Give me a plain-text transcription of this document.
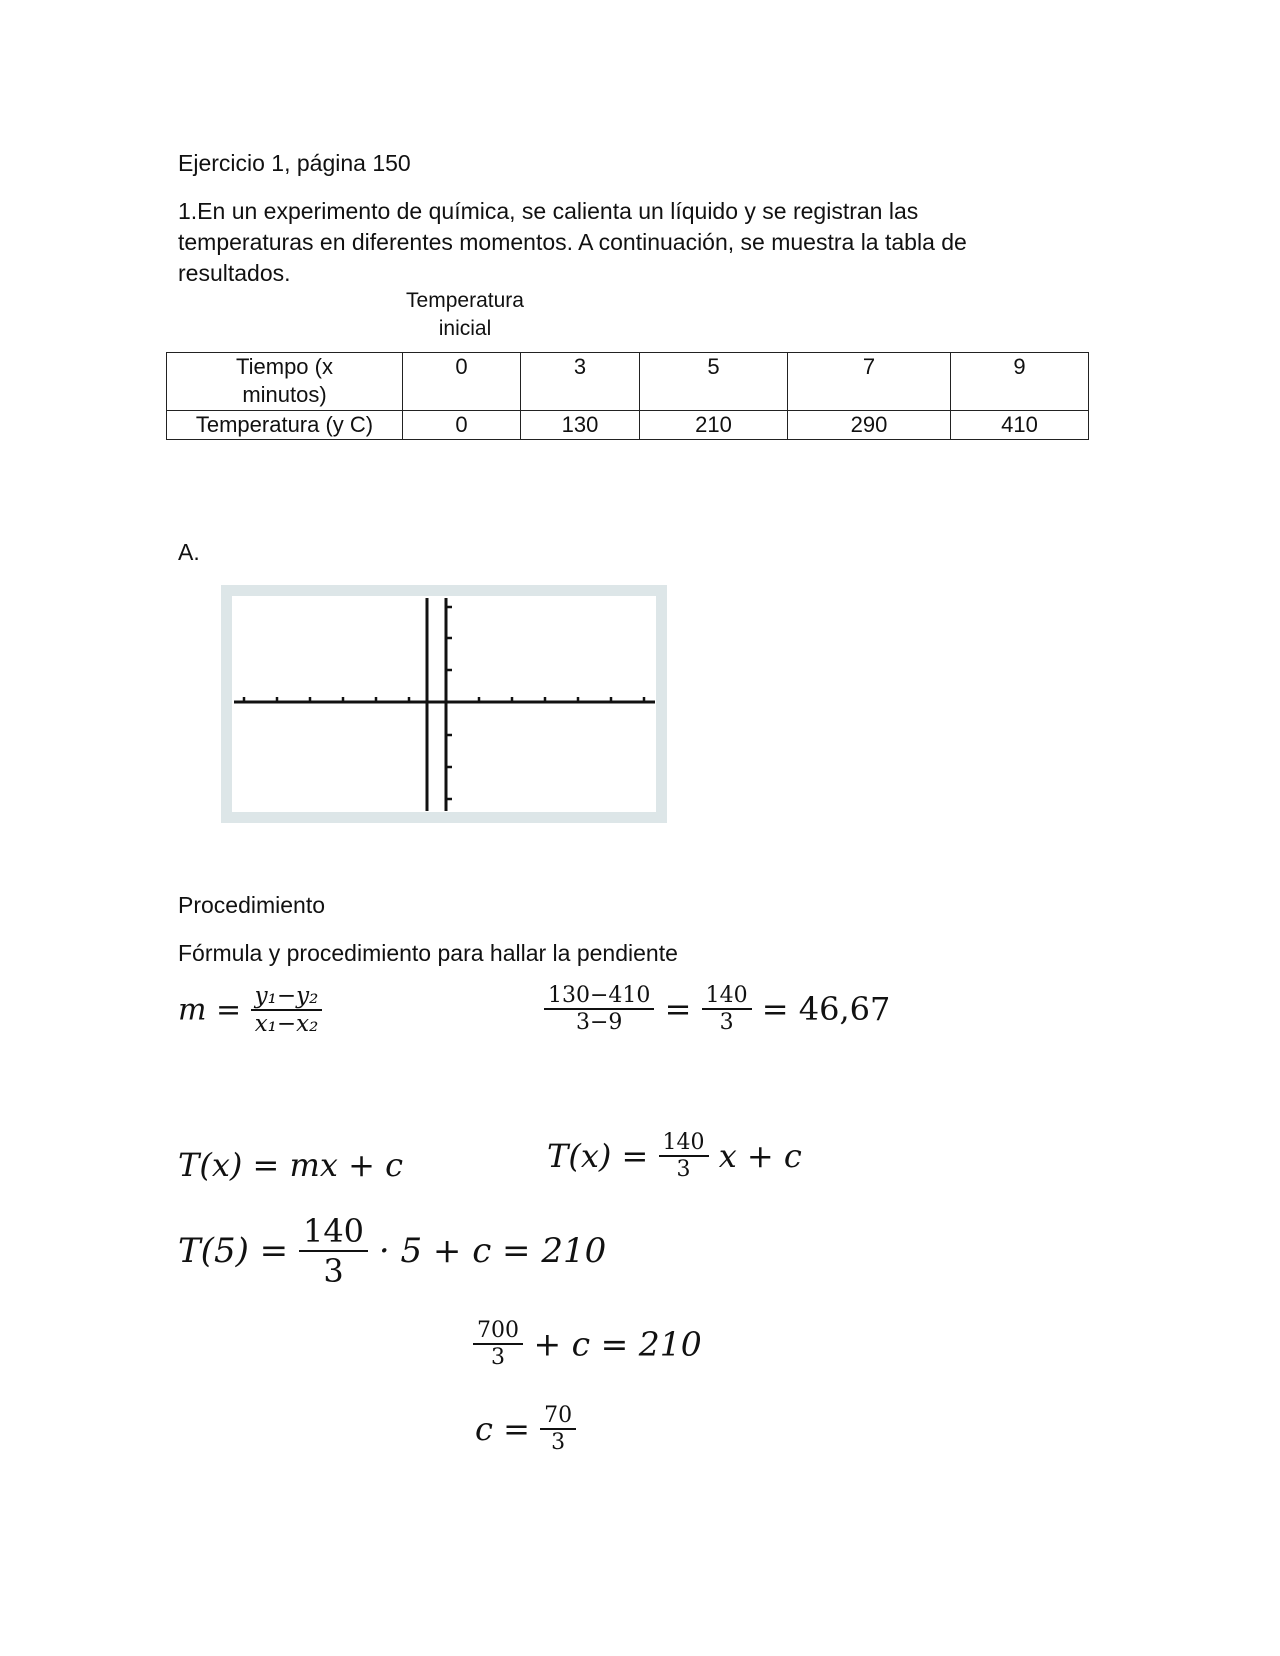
Ejercicio 1, página 150
1.En un experimento de química, se calienta un líquido y se registran las
temperaturas en diferentes momentos. A continuación, se muestra la tabla de
resultados.
Temperatura
inicial
Tiempo (x
minutos)	0	3	5	7	9
Temperatura (y C)	0	130	210	290	410
A.
Procedimiento
Fórmula y procedimiento para hallar la pendiente
$m = \frac{\text{y₁−y₂}}{\text{x₁−x₂}}$	$\frac{130-410}{3-9} = \frac{140}{3} = 46,67$
T(x) = mx + c	$T(x) = \frac{140}{3}$ x + c
$T(5) = \frac{140}{3} \cdot 5 + c = 210$
$\frac{700}{3} + c = 210$
$c = \frac{70}{3}$
